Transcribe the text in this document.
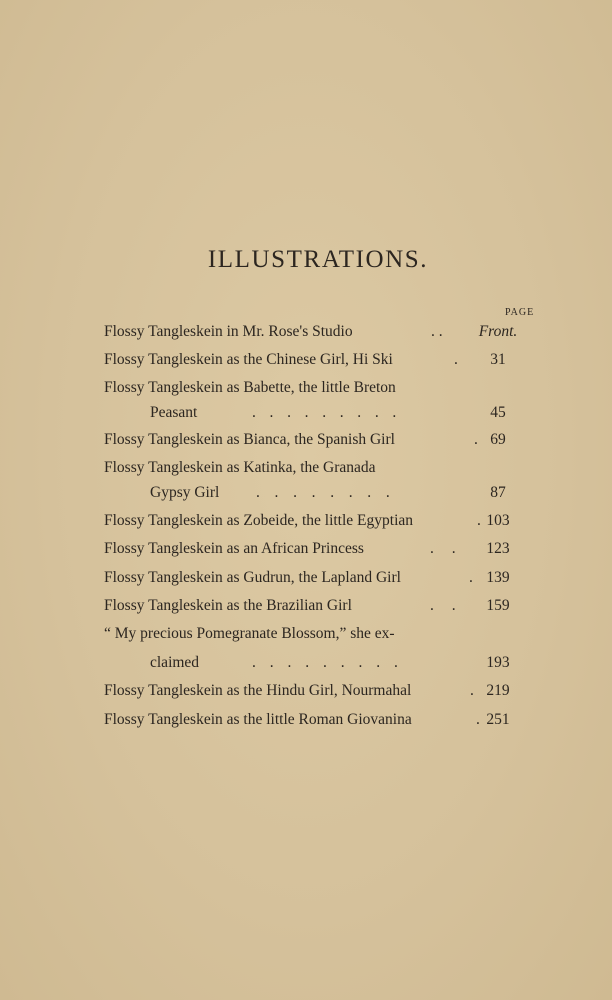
ILLUSTRATIONS.
PAGE
Flossy Tangleskein in Mr. Rose's Studio	. .	Front.
Flossy Tangleskein as the Chinese Girl, Hi Ski	.	31
Flossy Tangleskein as Babette, the little Breton
Peasant	. . . . . . . . .	45
Flossy Tangleskein as Bianca, the Spanish Girl	. 69
Flossy Tangleskein as Katinka, the Granada
Gypsy Girl . . . . . . . .	87
Flossy Tangleskein as Zobeide, the little Egyptian	. 103
Flossy Tangleskein as an African Princess	. .	123
Flossy Tangleskein as Gudrun, the Lapland Girl	. 139
Flossy Tangleskein as the Brazilian Girl	. .	159
“ My precious Pomegranate Blossom,” she ex-
claimed	. . . . . . . . .	193
Flossy Tangleskein as the Hindu Girl, Nourmahal	. 219
Flossy Tangleskein as the little Roman Giovanina	. 251
